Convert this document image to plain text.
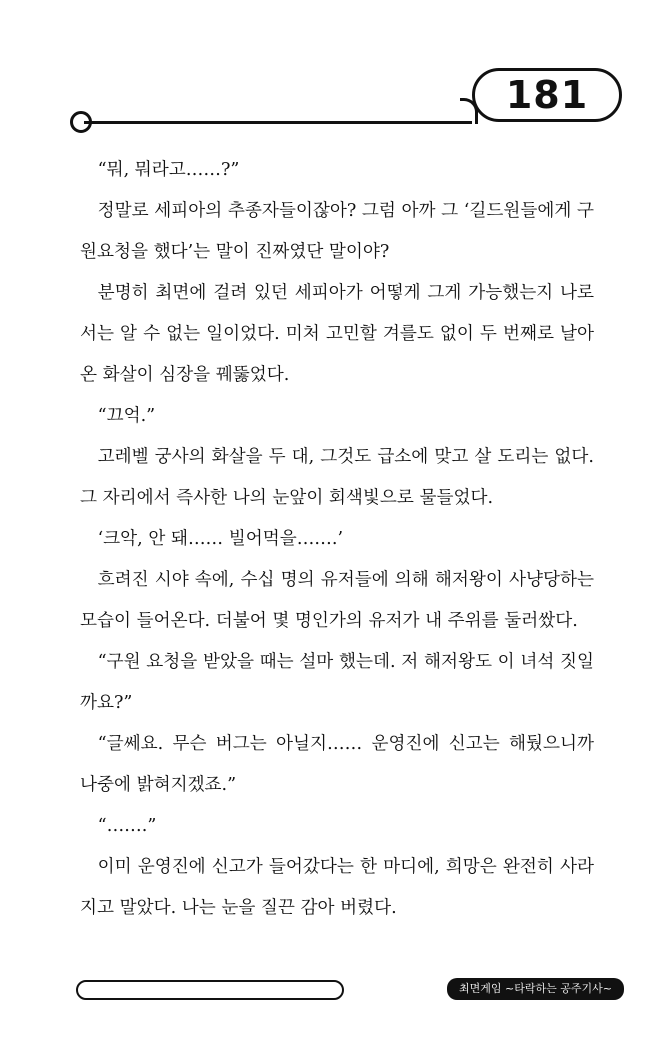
181

“뭐, 뭐라고……?”

정말로 세피아의 추종자들이잖아? 그럼 아까 그 ‘길드원들에게 구원요청을 했다’는 말이 진짜였단 말이야?

분명히 최면에 걸려 있던 세피아가 어떻게 그게 가능했는지 나로서는 알 수 없는 일이었다. 미처 고민할 겨를도 없이 두 번째로 날아온 화살이 심장을 꿰뚫었다.

“끄억.”

고레벨 궁사의 화살을 두 대, 그것도 급소에 맞고 살 도리는 없다. 그 자리에서 즉사한 나의 눈앞이 회색빛으로 물들었다.

‘크악, 안 돼…… 빌어먹을…….’

흐려진 시야 속에, 수십 명의 유저들에 의해 해저왕이 사냥당하는 모습이 들어온다. 더불어 몇 명인가의 유저가 내 주위를 둘러쌌다.

“구원 요청을 받았을 때는 설마 했는데. 저 해저왕도 이 녀석 짓일까요?”

“글쎄요. 무슨 버그는 아닐지…… 운영진에 신고는 해뒀으니까 나중에 밝혀지겠죠.”

“…….”

이미 운영진에 신고가 들어갔다는 한 마디에, 희망은 완전히 사라지고 말았다. 나는 눈을 질끈 감아 버렸다.

최면게임 ~타락하는 공주기사~
